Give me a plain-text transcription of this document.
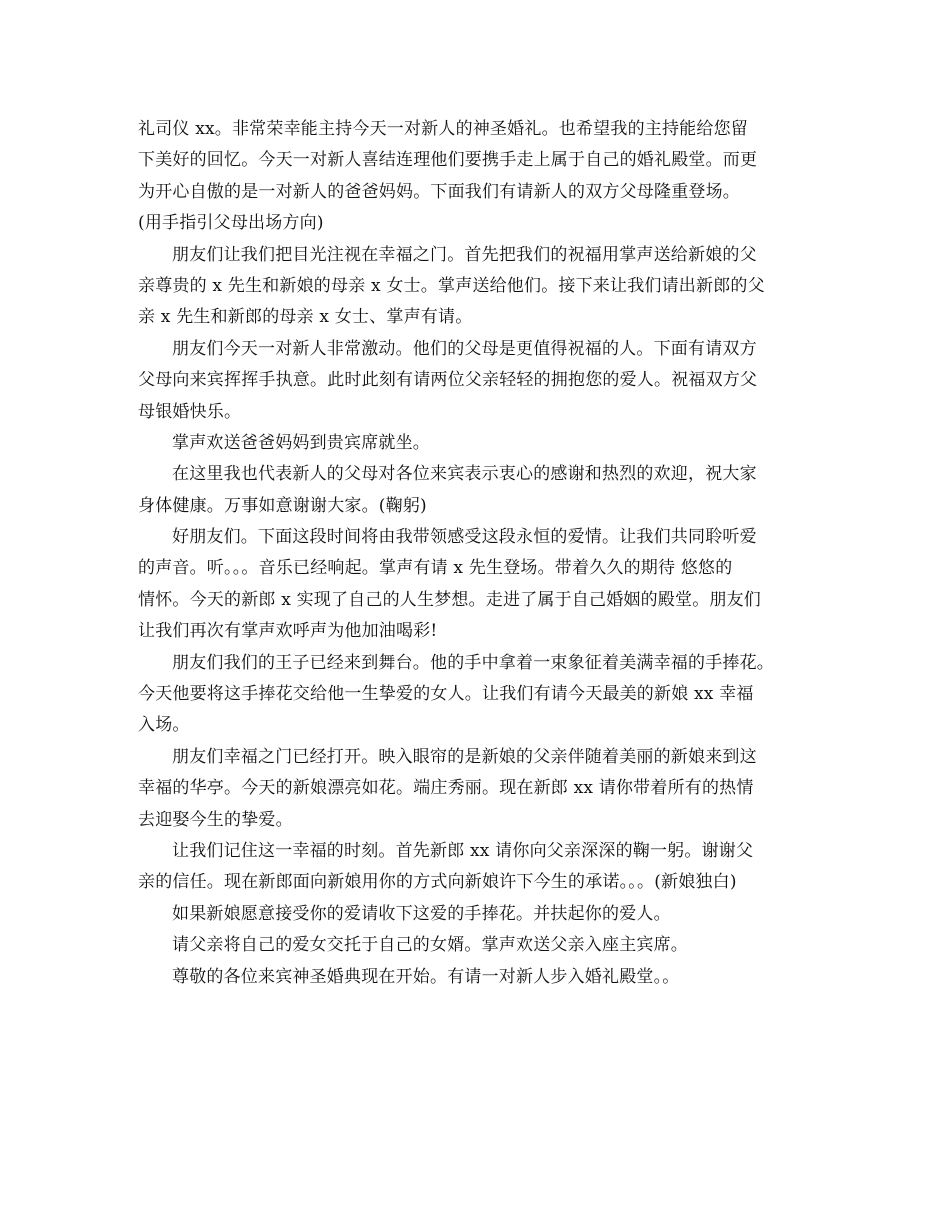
礼司仪 xx。非常荣幸能主持今天一对新人的神圣婚礼。也希望我的主持能给您留
下美好的回忆。今天一对新人喜结连理他们要携手走上属于自己的婚礼殿堂。而更
为开心自傲的是一对新人的爸爸妈妈。下面我们有请新人的双方父母隆重登场。
(用手指引父母出场方向)
朋友们让我们把目光注视在幸福之门。首先把我们的祝福用掌声送给新娘的父
亲尊贵的 x 先生和新娘的母亲 x 女士。掌声送给他们。接下来让我们请出新郎的父
亲 x 先生和新郎的母亲 x 女士、掌声有请。
朋友们今天一对新人非常激动。他们的父母是更值得祝福的人。下面有请双方
父母向来宾挥挥手执意。此时此刻有请两位父亲轻轻的拥抱您的爱人。祝福双方父
母银婚快乐。
掌声欢送爸爸妈妈到贵宾席就坐。
在这里我也代表新人的父母对各位来宾表示衷心的感谢和热烈的欢迎，祝大家
身体健康。万事如意谢谢大家。(鞠躬)
好朋友们。下面这段时间将由我带领感受这段永恒的爱情。让我们共同聆听爱
的声音。听。。。音乐已经响起。掌声有请 x 先生登场。带着久久的期待 悠悠的
情怀。今天的新郎 x 实现了自己的人生梦想。走进了属于自己婚姻的殿堂。朋友们
让我们再次有掌声欢呼声为他加油喝彩!
朋友们我们的王子已经来到舞台。他的手中拿着一束象征着美满幸福的手捧花。
今天他要将这手捧花交给他一生挚爱的女人。让我们有请今天最美的新娘 xx 幸福
入场。
朋友们幸福之门已经打开。映入眼帘的是新娘的父亲伴随着美丽的新娘来到这
幸福的华亭。今天的新娘漂亮如花。端庄秀丽。现在新郎 xx 请你带着所有的热情
去迎娶今生的挚爱。
让我们记住这一幸福的时刻。首先新郎 xx 请你向父亲深深的鞠一躬。谢谢父
亲的信任。现在新郎面向新娘用你的方式向新娘许下今生的承诺。。。(新娘独白)
如果新娘愿意接受你的爱请收下这爱的手捧花。并扶起你的爱人。
请父亲将自己的爱女交托于自己的女婿。掌声欢送父亲入座主宾席。
尊敬的各位来宾神圣婚典现在开始。有请一对新人步入婚礼殿堂。。
